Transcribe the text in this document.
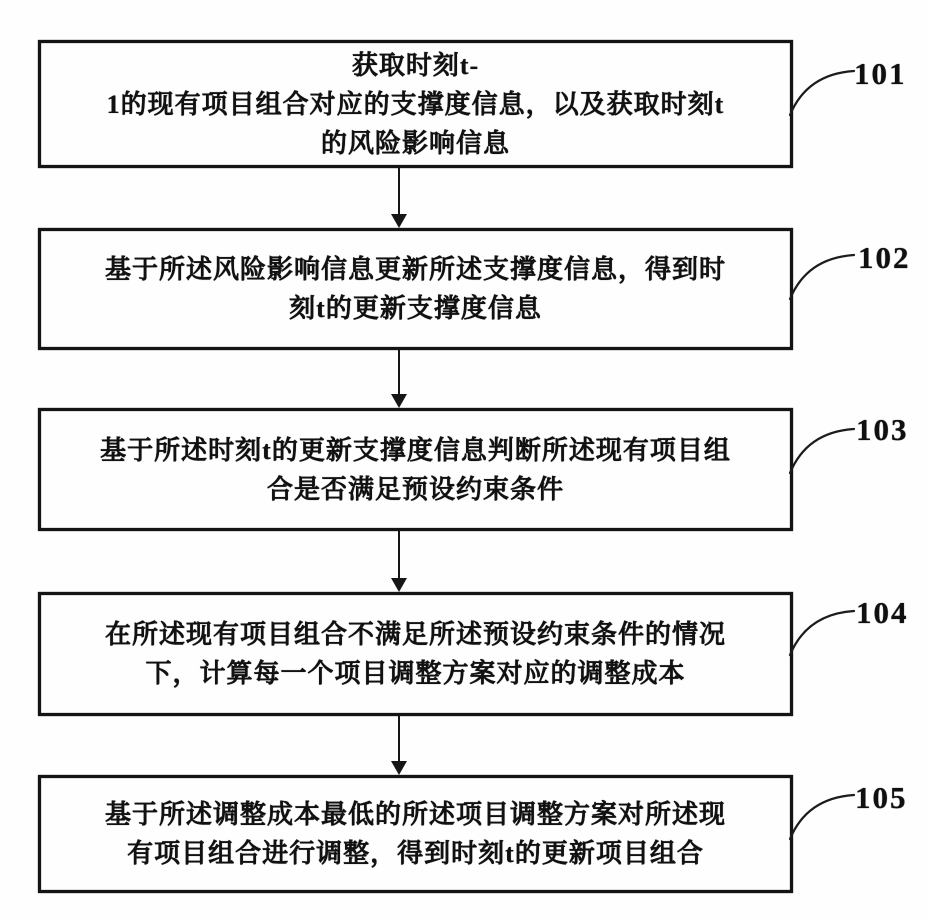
获取时刻t-
1的现有项目组合对应的支撑度信息，以及获取时刻t
的风险影响信息
101
基于所述风险影响信息更新所述支撑度信息，得到时
刻t的更新支撑度信息
102
基于所述时刻t的更新支撑度信息判断所述现有项目组
合是否满足预设约束条件
103
在所述现有项目组合不满足所述预设约束条件的情况
下，计算每一个项目调整方案对应的调整成本
104
基于所述调整成本最低的所述项目调整方案对所述现
有项目组合进行调整，得到时刻t的更新项目组合
105
